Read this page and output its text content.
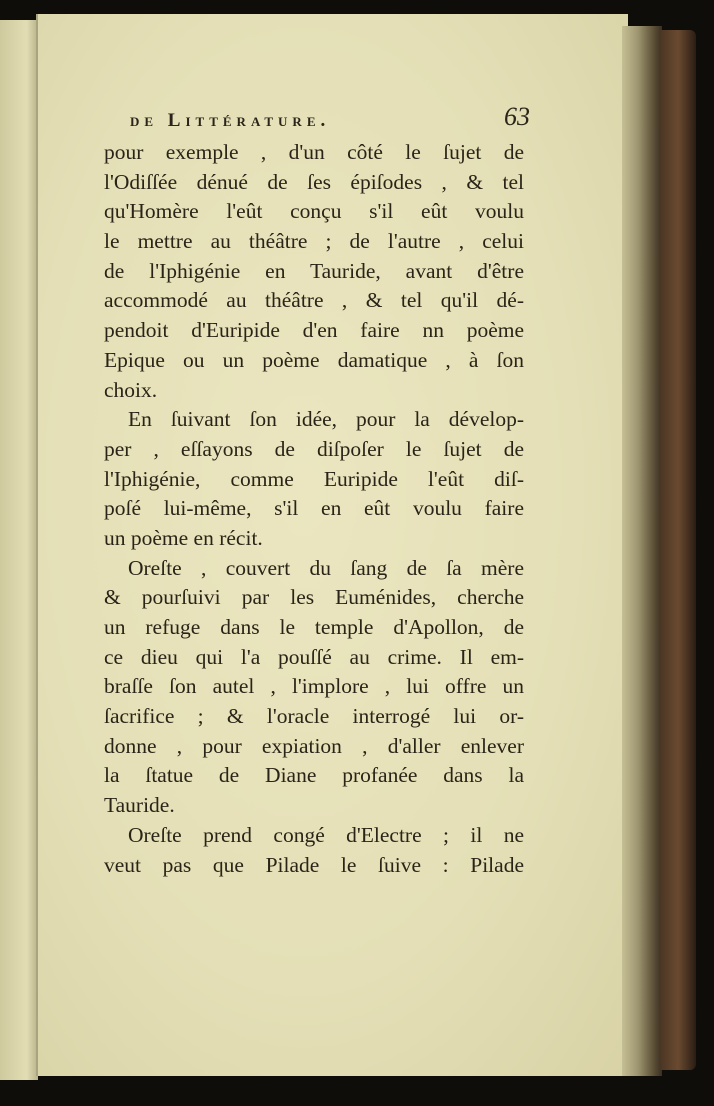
de Littérature.	63
pour exemple , d'un côté le ſujet de
l'Odiſſée dénué de ſes épiſodes , & tel
qu'Homère l'eût conçu s'il eût voulu
le mettre au théâtre ; de l'autre , celui
de l'Iphigénie en Tauride, avant d'être
accommodé au théâtre , & tel qu'il dé-
pendoit d'Euripide d'en faire nn poème
Epique ou un poème damatique , à ſon
choix.
En ſuivant ſon idée, pour la dévelop-
per , eſſayons de diſpoſer le ſujet de
l'Iphigénie, comme Euripide l'eût diſ-
poſé lui-même, s'il en eût voulu faire
un poème en récit.
Oreſte , couvert du ſang de ſa mère
& pourſuivi par les Euménides, cherche
un refuge dans le temple d'Apollon, de
ce dieu qui l'a pouſſé au crime. Il em-
braſſe ſon autel , l'implore , lui offre un
ſacrifice ; & l'oracle interrogé lui or-
donne , pour expiation , d'aller enlever
la ſtatue de Diane profanée dans la
Tauride.
Oreſte prend congé d'Electre ; il ne
veut pas que Pilade le ſuive : Pilade
